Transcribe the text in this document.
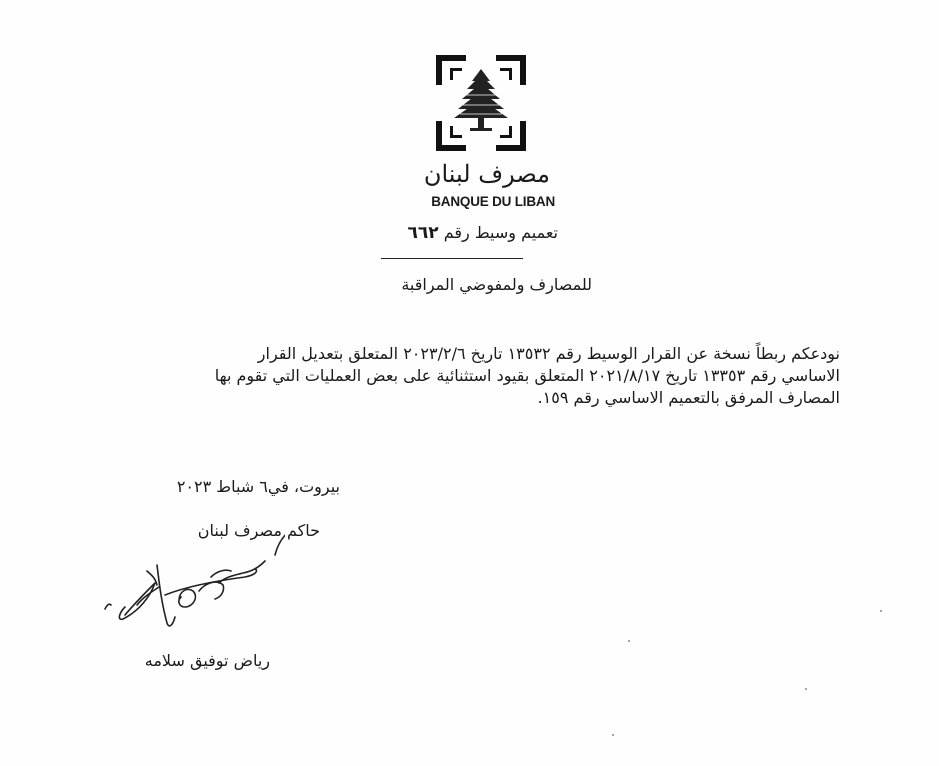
مصرف لبنان
BANQUE DU LIBAN
تعميم وسيط رقم ٦٦٢
للمصارف ولمفوضي المراقبة
نودعكم ربطاً نسخة عن القرار الوسيط رقم ١٣٥٣٢ تاريخ ٢٠٢٣/٢/٦ المتعلق بتعديل القرار
الاساسي رقم ١٣٣٥٣ تاريخ ٢٠٢١/٨/١٧ المتعلق بقيود استثنائية على بعض العمليات التي تقوم بها
المصارف المرفق بالتعميم الاساسي رقم ١٥٩.
بيروت، في٦ شباط ٢٠٢٣
حاكم مصرف لبنان
رياض توفيق سلامه
